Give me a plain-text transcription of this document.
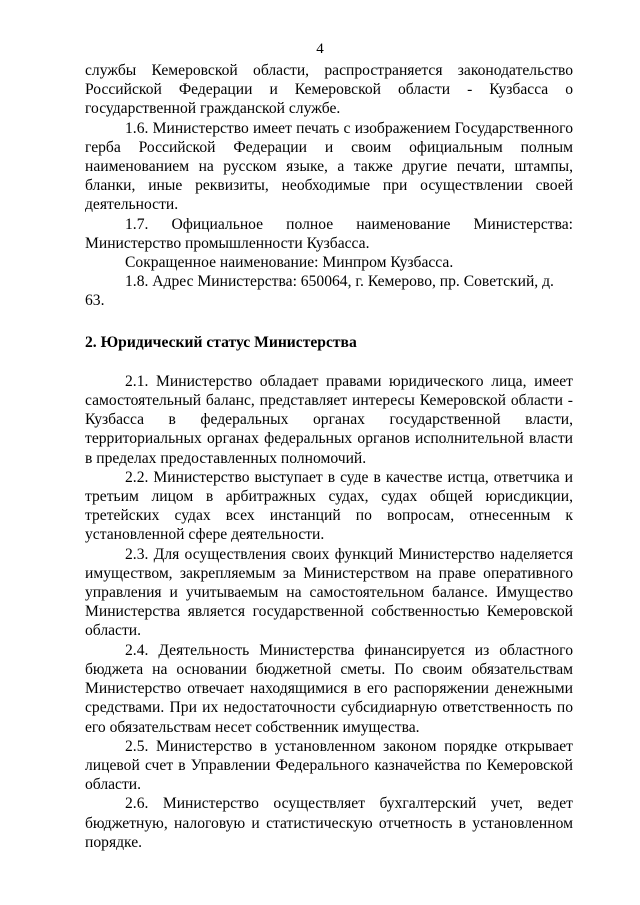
4

службы Кемеровской области, распространяется законодательство Российской Федерации и Кемеровской области - Кузбасса о государственной гражданской службе.

1.6. Министерство имеет печать с изображением Государственного герба Российской Федерации и своим официальным полным наименованием на русском языке, а также другие печати, штампы, бланки, иные реквизиты, необходимые при осуществлении своей деятельности.

1.7. Официальное полное наименование Министерства: Министерство промышленности Кузбасса.

Сокращенное наименование: Минпром Кузбасса.

1.8. Адрес Министерства: 650064, г. Кемерово, пр. Советский, д. 63.

2. Юридический статус Министерства

2.1. Министерство обладает правами юридического лица, имеет самостоятельный баланс, представляет интересы Кемеровской области - Кузбасса в федеральных органах государственной власти, территориальных органах федеральных органов исполнительной власти в пределах предоставленных полномочий.

2.2. Министерство выступает в суде в качестве истца, ответчика и третьим лицом в арбитражных судах, судах общей юрисдикции, третейских судах всех инстанций по вопросам, отнесенным к установленной сфере деятельности.

2.3. Для осуществления своих функций Министерство наделяется имуществом, закрепляемым за Министерством на праве оперативного управления и учитываемым на самостоятельном балансе. Имущество Министерства является государственной собственностью Кемеровской области.

2.4. Деятельность Министерства финансируется из областного бюджета на основании бюджетной сметы. По своим обязательствам Министерство отвечает находящимися в его распоряжении денежными средствами. При их недостаточности субсидиарную ответственность по его обязательствам несет собственник имущества.

2.5. Министерство в установленном законом порядке открывает лицевой счет в Управлении Федерального казначейства по Кемеровской области.

2.6. Министерство осуществляет бухгалтерский учет, ведет бюджетную, налоговую и статистическую отчетность в установленном порядке.
